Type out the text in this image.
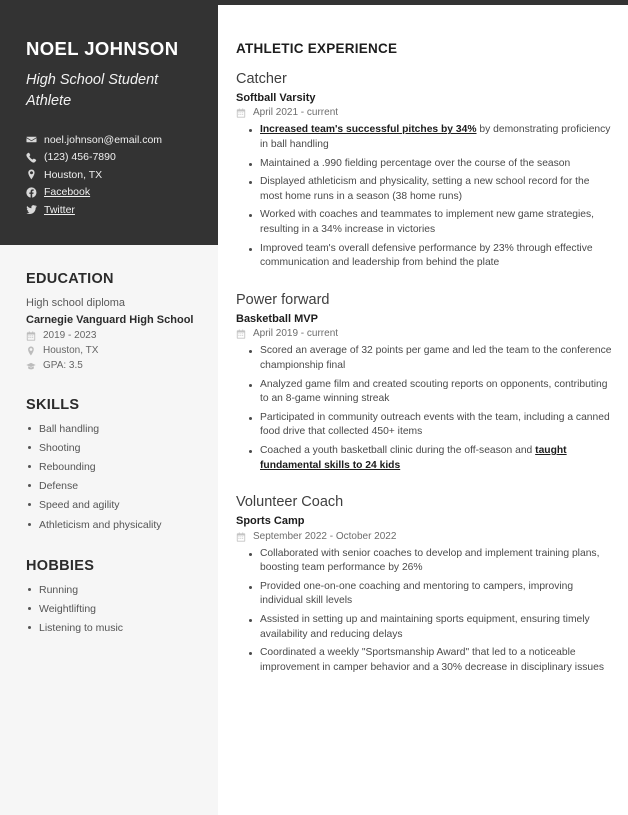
NOEL JOHNSON
High School Student Athlete
noel.johnson@email.com
(123) 456-7890
Houston, TX
Facebook
Twitter
EDUCATION
High school diploma
Carnegie Vanguard High School
2019 - 2023
Houston, TX
GPA: 3.5
SKILLS
Ball handling
Shooting
Rebounding
Defense
Speed and agility
Athleticism and physicality
HOBBIES
Running
Weightlifting
Listening to music
ATHLETIC EXPERIENCE
Catcher
Softball Varsity
April 2021 - current
Increased team's successful pitches by 34% by demonstrating proficiency in ball handling
Maintained a .990 fielding percentage over the course of the season
Displayed athleticism and physicality, setting a new school record for the most home runs in a season (38 home runs)
Worked with coaches and teammates to implement new game strategies, resulting in a 34% increase in victories
Improved team's overall defensive performance by 23% through effective communication and leadership from behind the plate
Power forward
Basketball MVP
April 2019 - current
Scored an average of 32 points per game and led the team to the conference championship final
Analyzed game film and created scouting reports on opponents, contributing to an 8-game winning streak
Participated in community outreach events with the team, including a canned food drive that collected 450+ items
Coached a youth basketball clinic during the off-season and taught fundamental skills to 24 kids
Volunteer Coach
Sports Camp
September 2022 - October 2022
Collaborated with senior coaches to develop and implement training plans, boosting team performance by 26%
Provided one-on-one coaching and mentoring to campers, improving individual skill levels
Assisted in setting up and maintaining sports equipment, ensuring timely availability and reducing delays
Coordinated a weekly "Sportsmanship Award" that led to a noticeable improvement in camper behavior and a 30% decrease in disciplinary issues
